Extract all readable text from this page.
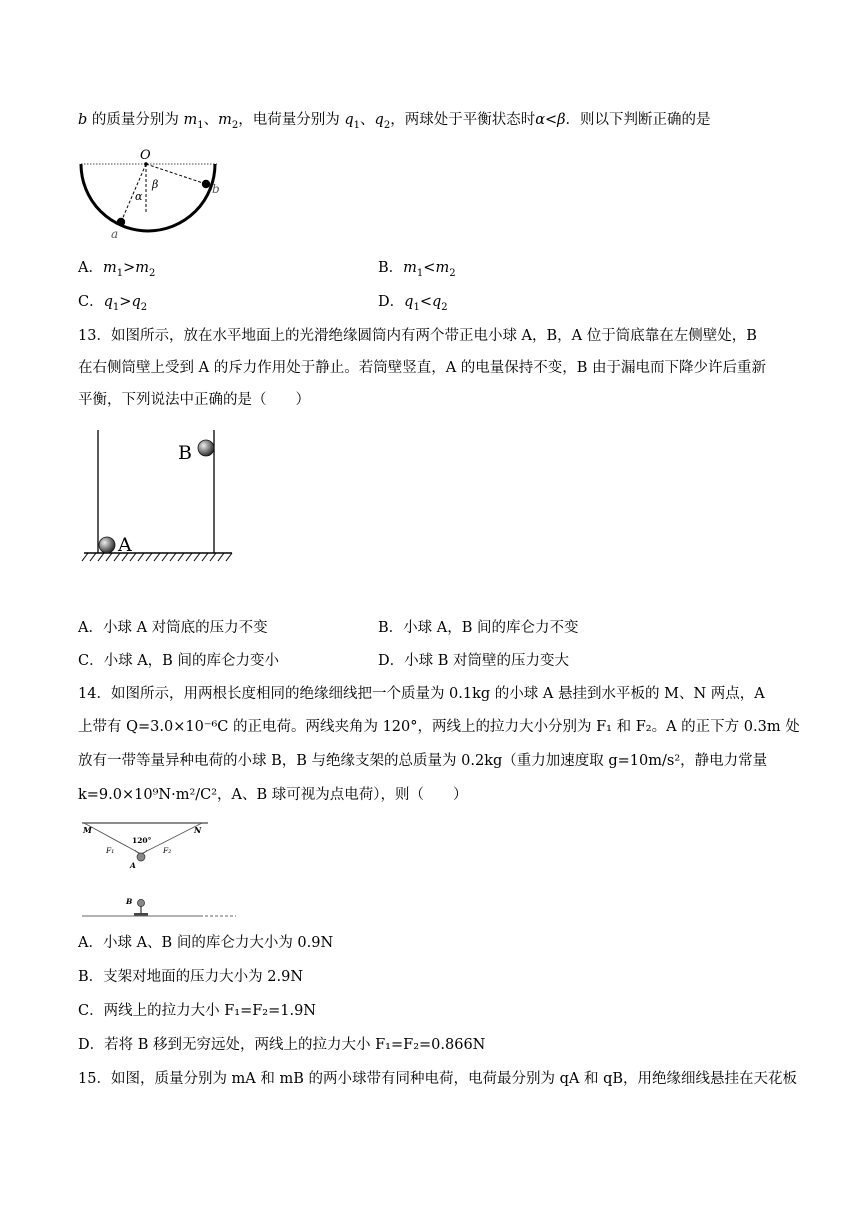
b 的质量分别为 $m_1$、$m_2$，电荷量分别为 $q_1$、$q_2$，两球处于平衡状态时α<β．则以下判断正确的是
O
b
a
α
β
A．$m_1>m_2$	B．$m_1<m_2$
C．$q_1>q_2$	D．$q_1<q_2$
13．如图所示，放在水平地面上的光滑绝缘圆筒内有两个带正电小球 A，B，A 位于筒底靠在左侧壁处，B
在右侧筒壁上受到 A 的斥力作用处于静止。若筒壁竖直，A 的电量保持不变，B 由于漏电而下降少许后重新
平衡，下列说法中正确的是（　　）
A
B
A．小球 A 对筒底的压力不变	B．小球 A，B 间的库仑力不变
C．小球 A，B 间的库仑力变小	D．小球 B 对筒壁的压力变大
14．如图所示，用两根长度相同的绝缘细线把一个质量为 0.1kg 的小球 A 悬挂到水平板的 M、N 两点，A
上带有 Q=3.0×10⁻⁶C 的正电荷。两线夹角为 120°，两线上的拉力大小分别为 F₁ 和 F₂。A 的正下方 0.3m 处
放有一带等量异种电荷的小球 B，B 与绝缘支架的总质量为 0.2kg（重力加速度取 g=10m/s²，静电力常量
k=9.0×10⁹N·m²/C²，A、B 球可视为点电荷），则（　　）
M	N
120°
F₁	F₂
A
B
A．小球 A、B 间的库仑力大小为 0.9N
B．支架对地面的压力大小为 2.9N
C．两线上的拉力大小 F₁=F₂=1.9N
D．若将 B 移到无穷远处，两线上的拉力大小 F₁=F₂=0.866N
15．如图，质量分别为 mA 和 mB 的两小球带有同种电荷，电荷最分别为 qA 和 qB，用绝缘细线悬挂在天花板
